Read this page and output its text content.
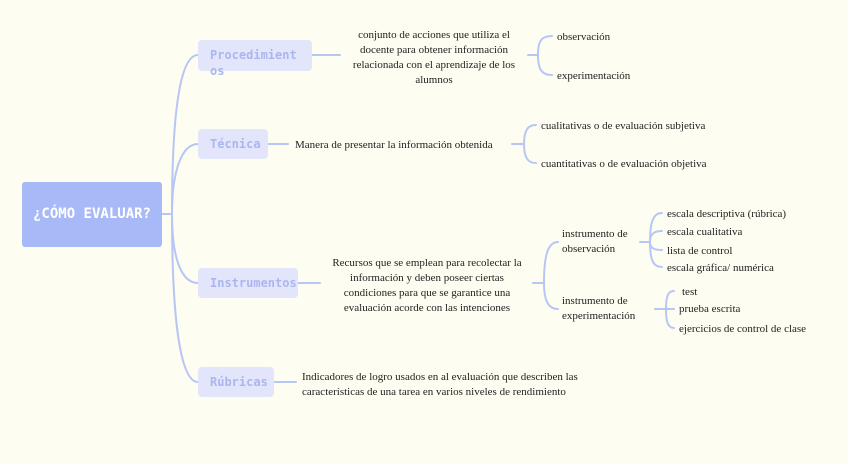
¿CÓMO EVALUAR?
Procedimientos
conjunto de acciones que utiliza el docente para obtener información relacionada con el aprendizaje de los alumnos
observación
experimentación
Técnica	Manera de presentar la información obtenida
cualitativas o de evaluación subjetiva
cuantitativas o de evaluación objetiva
Instrumentos
Recursos que se emplean para recolectar la información y deben poseer ciertas condiciones para que se garantice una evaluación acorde con las intenciones
instrumento de observación
escala descriptiva (rúbrica)
escala cualitativa
lista de control
escala gráfica/ numérica
instrumento de experimentación
test
prueba escrita
ejercicios de control de clase
Rúbricas	Indicadores de logro usados en al evaluación que describen las características de una tarea en varios niveles de rendimiento
